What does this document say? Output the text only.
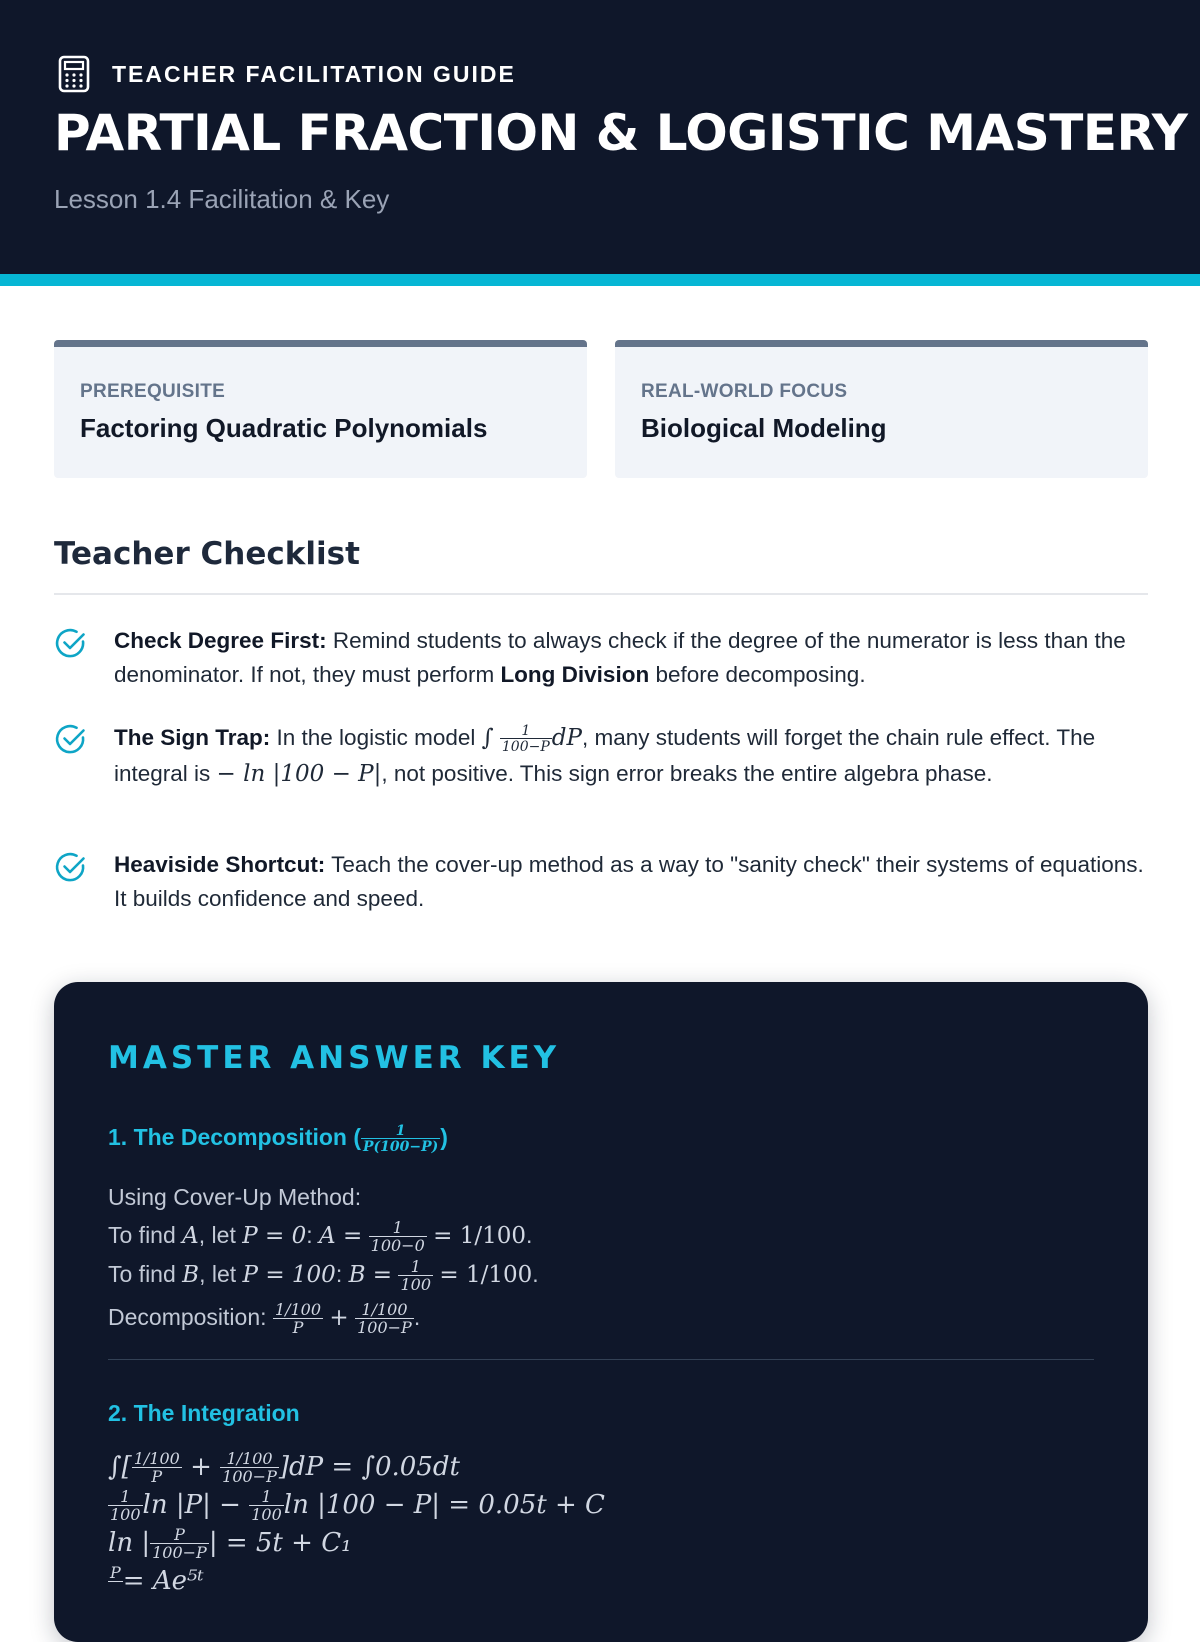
TEACHER FACILITATION GUIDE
PARTIAL FRACTION & LOGISTIC MASTERY
Lesson 1.4 Facilitation & Key
PREREQUISITE
Factoring Quadratic Polynomials
REAL-WORLD FOCUS
Biological Modeling
Teacher Checklist
Check Degree First: Remind students to always check if the degree of the numerator is less than the denominator. If not, they must perform Long Division before decomposing.
The Sign Trap: In the logistic model ∫ $\frac{1}{100-P}$ dP, many students will forget the chain rule effect. The integral is − ln |100 − P|, not positive. This sign error breaks the entire algebra phase.
Heaviside Shortcut: Teach the cover-up method as a way to "sanity check" their systems of equations. It builds confidence and speed.
MASTER ANSWER KEY
1. The Decomposition ( $\frac{1}{P(100-P)}$ )
Using Cover-Up Method:
To find A, let P = 0: $A = \frac{1}{100-0} = 1/100$.
To find B, let P = 100: $B = \frac{1}{100} = 1/100$.
Decomposition: $\frac{1/100}{P} + \frac{1/100}{100-P}$ .
2. The Integration
∫[ $\frac{1/100}{P} + \frac{1/100}{100-P} ]dP = \int 0.05dt$
$\frac{1}{100}$ $\ln |P| - \frac{1}{100}$ ln |100 − P| = 0.05t + C
ln | $\frac{P}{100-P}$ | = 5t + C₁
P
= Ae⁵ᵗ
